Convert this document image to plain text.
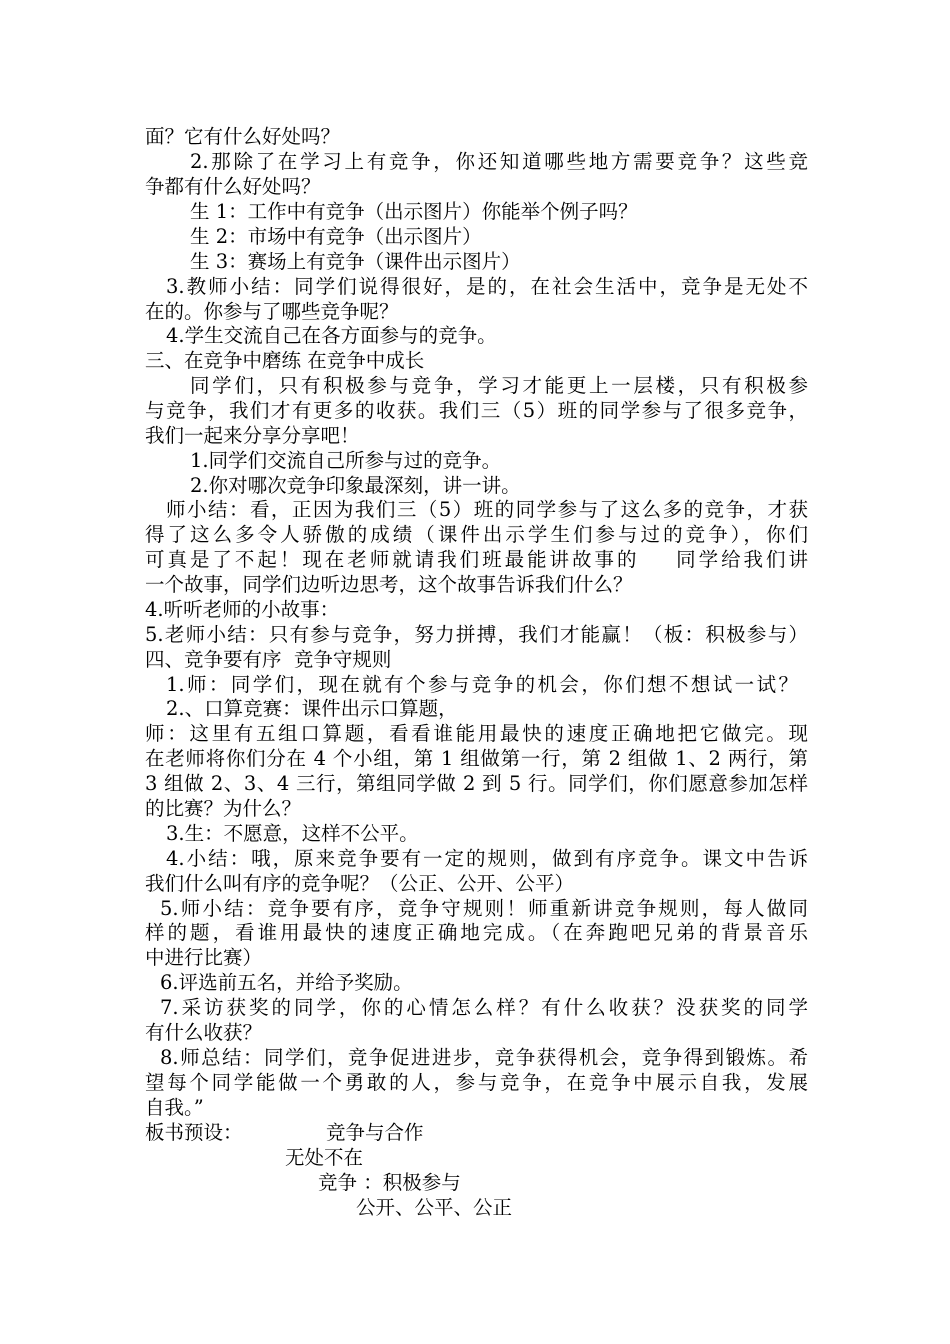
面？它有什么好处吗？
2.那除了在学习上有竞争，你还知道哪些地方需要竞争？这些竞
争都有什么好处吗？
生 1：工作中有竞争（出示图片）你能举个例子吗？
生 2：市场中有竞争（出示图片）
生 3：赛场上有竞争（课件出示图片）
3.教师小结：同学们说得很好，是的，在社会生活中，竞争是无处不
在的。你参与了哪些竞争呢？
4.学生交流自己在各方面参与的竞争。
三、在竞争中磨练 在竞争中成长
同学们，只有积极参与竞争，学习才能更上一层楼，只有积极参
与竞争，我们才有更多的收获。我们三（5）班的同学参与了很多竞争，
我们一起来分享分享吧！
1.同学们交流自己所参与过的竞争。
2.你对哪次竞争印象最深刻，讲一讲。
师小结：看，正因为我们三（5）班的同学参与了这么多的竞争，才获
得了这么多令人骄傲的成绩（课件出示学生们参与过的竞争），你们
可真是了不起！现在老师就请我们班最能讲故事的    同学给我们讲
一个故事，同学们边听边思考，这个故事告诉我们什么？
4.听听老师的小故事：
5.老师小结：只有参与竞争，努力拼搏，我们才能赢！（板：积极参与）
四、竞争要有序  竞争守规则
1.师：同学们，现在就有个参与竞争的机会，你们想不想试一试？
2.、口算竞赛：课件出示口算题，
师：这里有五组口算题，看看谁能用最快的速度正确地把它做完。现
在老师将你们分在 4 个小组，第 1 组做第一行，第 2 组做 1、2 两行，第
3 组做 2、3、4 三行，第组同学做 2 到 5 行。同学们，你们愿意参加怎样
的比赛？为什么？
3.生：不愿意，这样不公平。
4.小结：哦，原来竞争要有一定的规则，做到有序竞争。课文中告诉
我们什么叫有序的竞争呢？（公正、公开、公平）
5.师小结：竞争要有序，竞争守规则！师重新讲竞争规则，每人做同
样的题，看谁用最快的速度正确地完成。（在奔跑吧兄弟的背景音乐
中进行比赛）
6.评选前五名，并给予奖励。
7.采访获奖的同学，你的心情怎么样？有什么收获？没获奖的同学
有什么收获？
8.师总结：同学们，竞争促进进步，竞争获得机会，竞争得到锻炼。希
望每个同学能做一个勇敢的人，参与竞争，在竞争中展示自我，发展
自我。”
板书预设：	竞争与合作
无处不在
竞争 ：积极参与
公开、公平、公正
